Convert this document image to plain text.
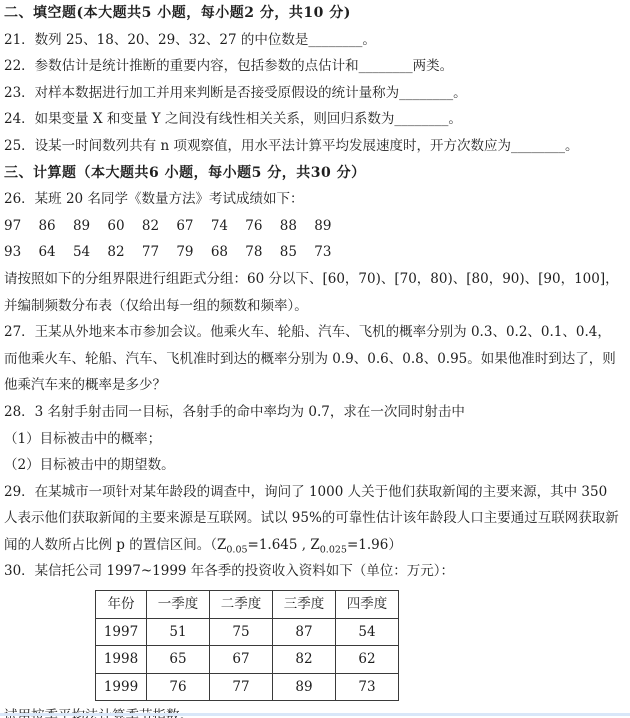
二、填空题(本大题共5 小题，每小题2 分，共10 分)

21．数列 25、18、20、29、32、27 的中位数是________。

22．参数估计是统计推断的重要内容，包括参数的点估计和________两类。

23．对样本数据进行加工并用来判断是否接受原假设的统计量称为________。

24．如果变量 X 和变量 Y 之间没有线性相关关系，则回归系数为________。

25．设某一时间数列共有 n 项观察值，用水平法计算平均发展速度时，开方次数应为________。

三、计算题（本大题共6 小题，每小题5 分，共30 分）

26．某班 20 名同学《数量方法》考试成绩如下：

97 86 89 60 82 67 74 76 88 89

93 64 54 82 77 79 68 78 85 73

请按照如下的分组界限进行组距式分组：60 分以下、[60，70)、[70，80)、[80，90)、[90，100]，并编制频数分布表（仅给出每一组的频数和频率）。

27．王某从外地来本市参加会议。他乘火车、轮船、汽车、飞机的概率分别为 0.3、0.2、0.1、0.4，而他乘火车、轮船、汽车、飞机准时到达的概率分别为 0.9、0.6、0.8、0.95。如果他准时到达了，则他乘汽车来的概率是多少？

28．3 名射手射击同一目标，各射手的命中率均为 0.7，求在一次同时射击中

（1）目标被击中的概率；

（2）目标被击中的期望数。

29．在某城市一项针对某年龄段的调查中，询问了 1000 人关于他们获取新闻的主要来源，其中 350 人表示他们获取新闻的主要来源是互联网。试以 95%的可靠性估计该年龄段人口主要通过互联网获取新闻的人数所占比例 p 的置信区间。（$Z_{0.05}=1.645$ , $Z_{0.025}=1.96$）

30．某信托公司 1997~1999 年各季的投资收入资料如下（单位：万元）：

年份	一季度	二季度	三季度	四季度
1997	51	75	87	54
1998	65	67	82	62
1999	76	77	89	73
